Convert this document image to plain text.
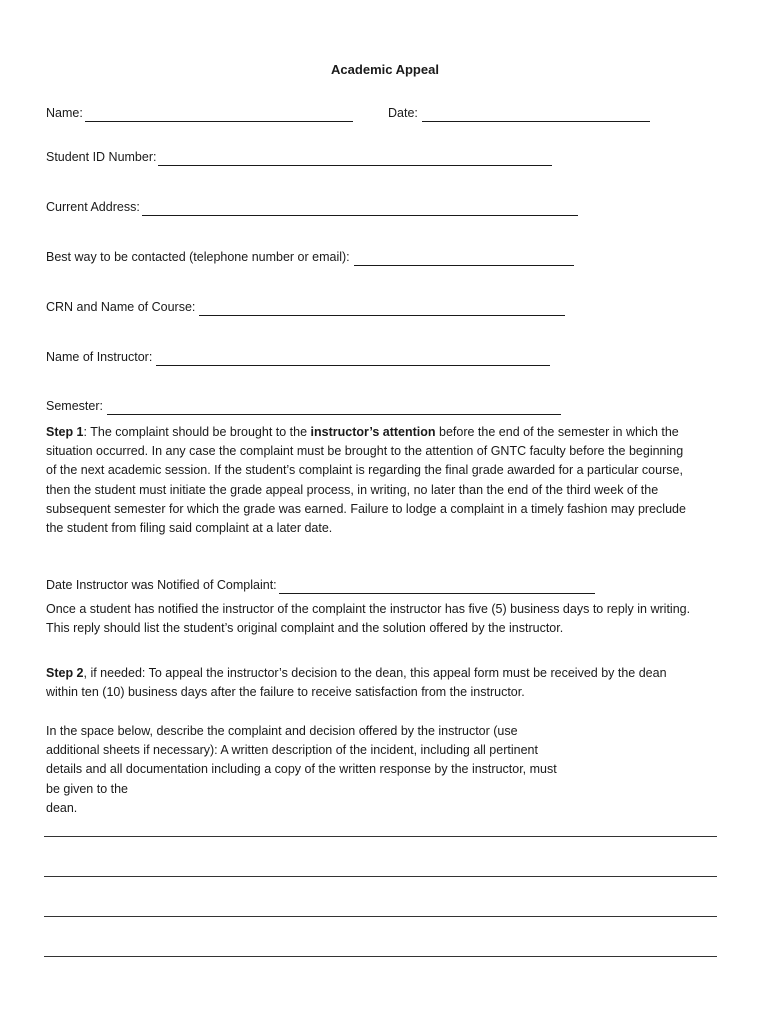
Academic Appeal
Name:	Date:
Student ID Number:
Current Address:
Best way to be contacted (telephone number or email):
CRN and Name of Course:
Name of Instructor:
Semester:
Step 1: The complaint should be brought to the instructor’s attention before the end of the semester in which the situation occurred. In any case the complaint must be brought to the attention of GNTC faculty before the beginning of the next academic session. If the student’s complaint is regarding the final grade awarded for a particular course, then the student must initiate the grade appeal process, in writing, no later than the end of the third week of the subsequent semester for which the grade was earned. Failure to lodge a complaint in a timely fashion may preclude the student from filing said complaint at a later date.
Date Instructor was Notified of Complaint:
Once a student has notified the instructor of the complaint the instructor has five (5) business days to reply in writing. This reply should list the student’s original complaint and the solution offered by the instructor.
Step 2, if needed: To appeal the instructor’s decision to the dean, this appeal form must be received by the dean within ten (10) business days after the failure to receive satisfaction from the instructor.
In the space below, describe the complaint and decision offered by the instructor (use additional sheets if necessary): A written description of the incident, including all pertinent details and all documentation including a copy of the written response by the instructor, must be given to the
dean.
